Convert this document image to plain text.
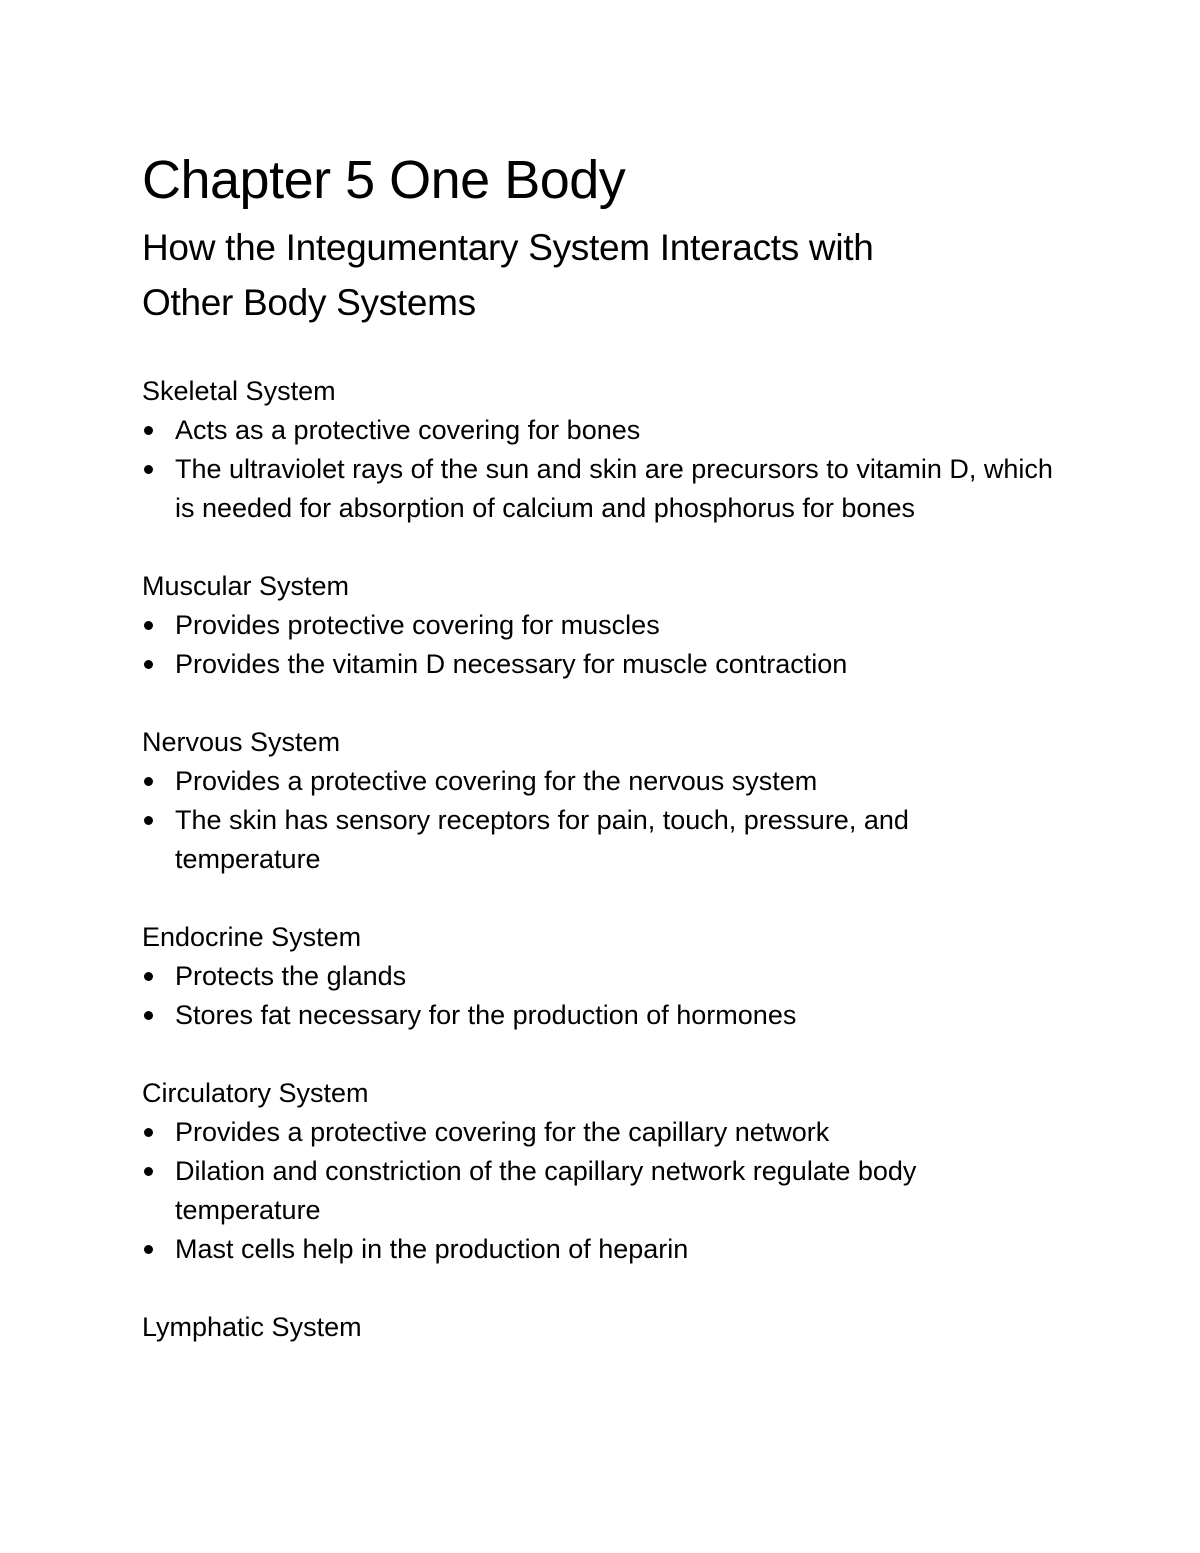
Chapter 5 One Body
How the Integumentary System Interacts with
Other Body Systems
Skeletal System
Acts as a protective covering for bones
The ultraviolet rays of the sun and skin are precursors to vitamin D, which is needed for absorption of calcium and phosphorus for bones
Muscular System
Provides protective covering for muscles
Provides the vitamin D necessary for muscle contraction
Nervous System
Provides a protective covering for the nervous system
The skin has sensory receptors for pain, touch, pressure, and temperature
Endocrine System
Protects the glands
Stores fat necessary for the production of hormones
Circulatory System
Provides a protective covering for the capillary network
Dilation and constriction of the capillary network regulate body temperature
Mast cells help in the production of heparin
Lymphatic System
